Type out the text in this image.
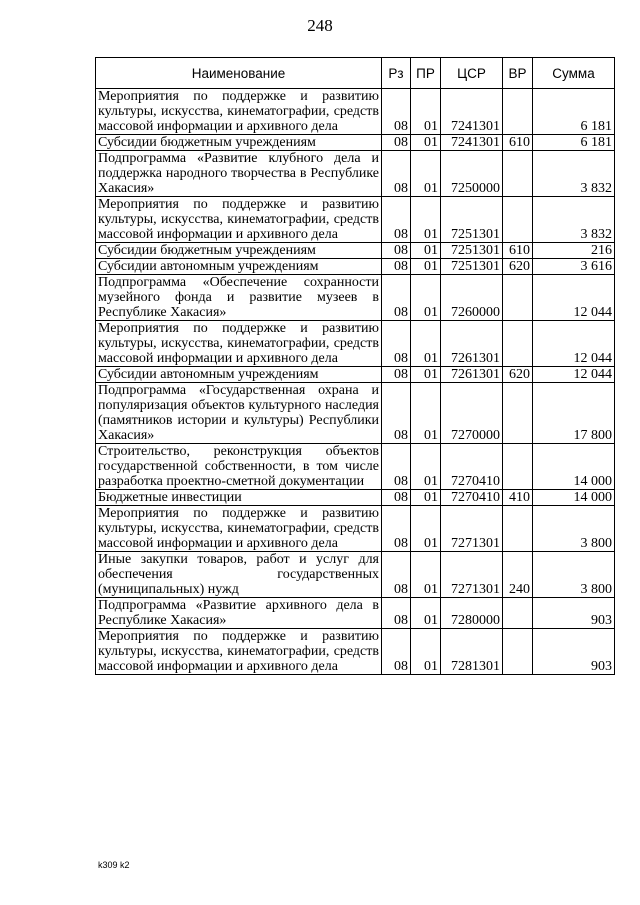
248
Наименование	Рз	ПР	ЦСР	ВР	Сумма
Мероприятия по поддержке и развитию культуры, искусства, кинематографии, средств массовой информации и архивного дела	08	01	7241301		6 181
Субсидии бюджетным учреждениям	08	01	7241301	610	6 181
Подпрограмма «Развитие клубного дела и поддержка народного творчества в Республике Хакасия»	08	01	7250000		3 832
Мероприятия по поддержке и развитию культуры, искусства, кинематографии, средств массовой информации и архивного дела	08	01	7251301		3 832
Субсидии бюджетным учреждениям	08	01	7251301	610	216
Субсидии автономным учреждениям	08	01	7251301	620	3 616
Подпрограмма «Обеспечение сохранности музейного фонда и развитие музеев в Республике Хакасия»	08	01	7260000		12 044
Мероприятия по поддержке и развитию культуры, искусства, кинематографии, средств массовой информации и архивного дела	08	01	7261301		12 044
Субсидии автономным учреждениям	08	01	7261301	620	12 044
Подпрограмма «Государственная охрана и популяризация объектов культурного наследия (памятников истории и культуры) Республики Хакасия»	08	01	7270000		17 800
Строительство, реконструкция объектов государственной собственности, в том числе разработка проектно-сметной документации	08	01	7270410		14 000
Бюджетные инвестиции	08	01	7270410	410	14 000
Мероприятия по поддержке и развитию культуры, искусства, кинематографии, средств массовой информации и архивного дела	08	01	7271301		3 800
Иные закупки товаров, работ и услуг для обеспечения государственных (муниципальных) нужд	08	01	7271301	240	3 800
Подпрограмма «Развитие архивного дела в Республике Хакасия»	08	01	7280000		903
Мероприятия по поддержке и развитию культуры, искусства, кинематографии, средств массовой информации и архивного дела	08	01	7281301		903
k309 k2
